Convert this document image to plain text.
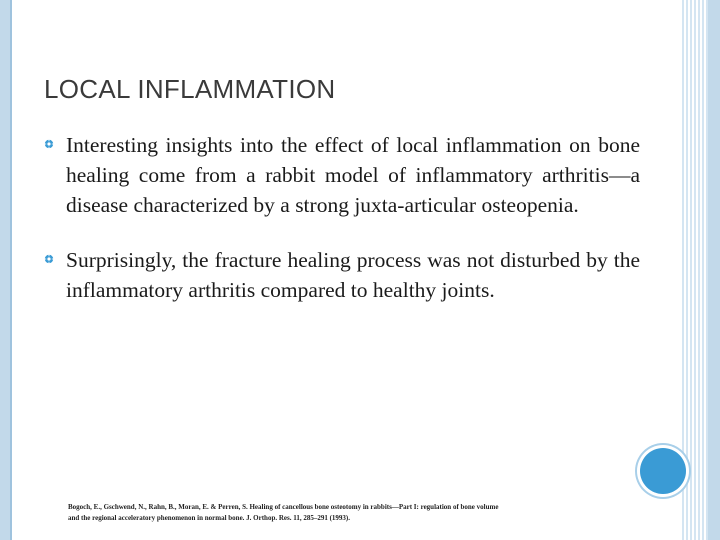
LOCAL INFLAMMATION
Interesting insights into the effect of local inflammation on bone healing come from a rabbit model of inflammatory arthritis—a disease characterized by a strong juxta-articular osteopenia.
Surprisingly, the fracture healing process was not disturbed by the inflammatory arthritis compared to healthy joints.
Bogoch, E., Gschwend, N., Rahn, B., Moran, E. & Perren, S. Healing of cancellous bone osteotomy in rabbits—Part I: regulation of bone volume
and the regional acceleratory phenomenon in normal bone. J. Orthop. Res. 11, 285–291 (1993).
